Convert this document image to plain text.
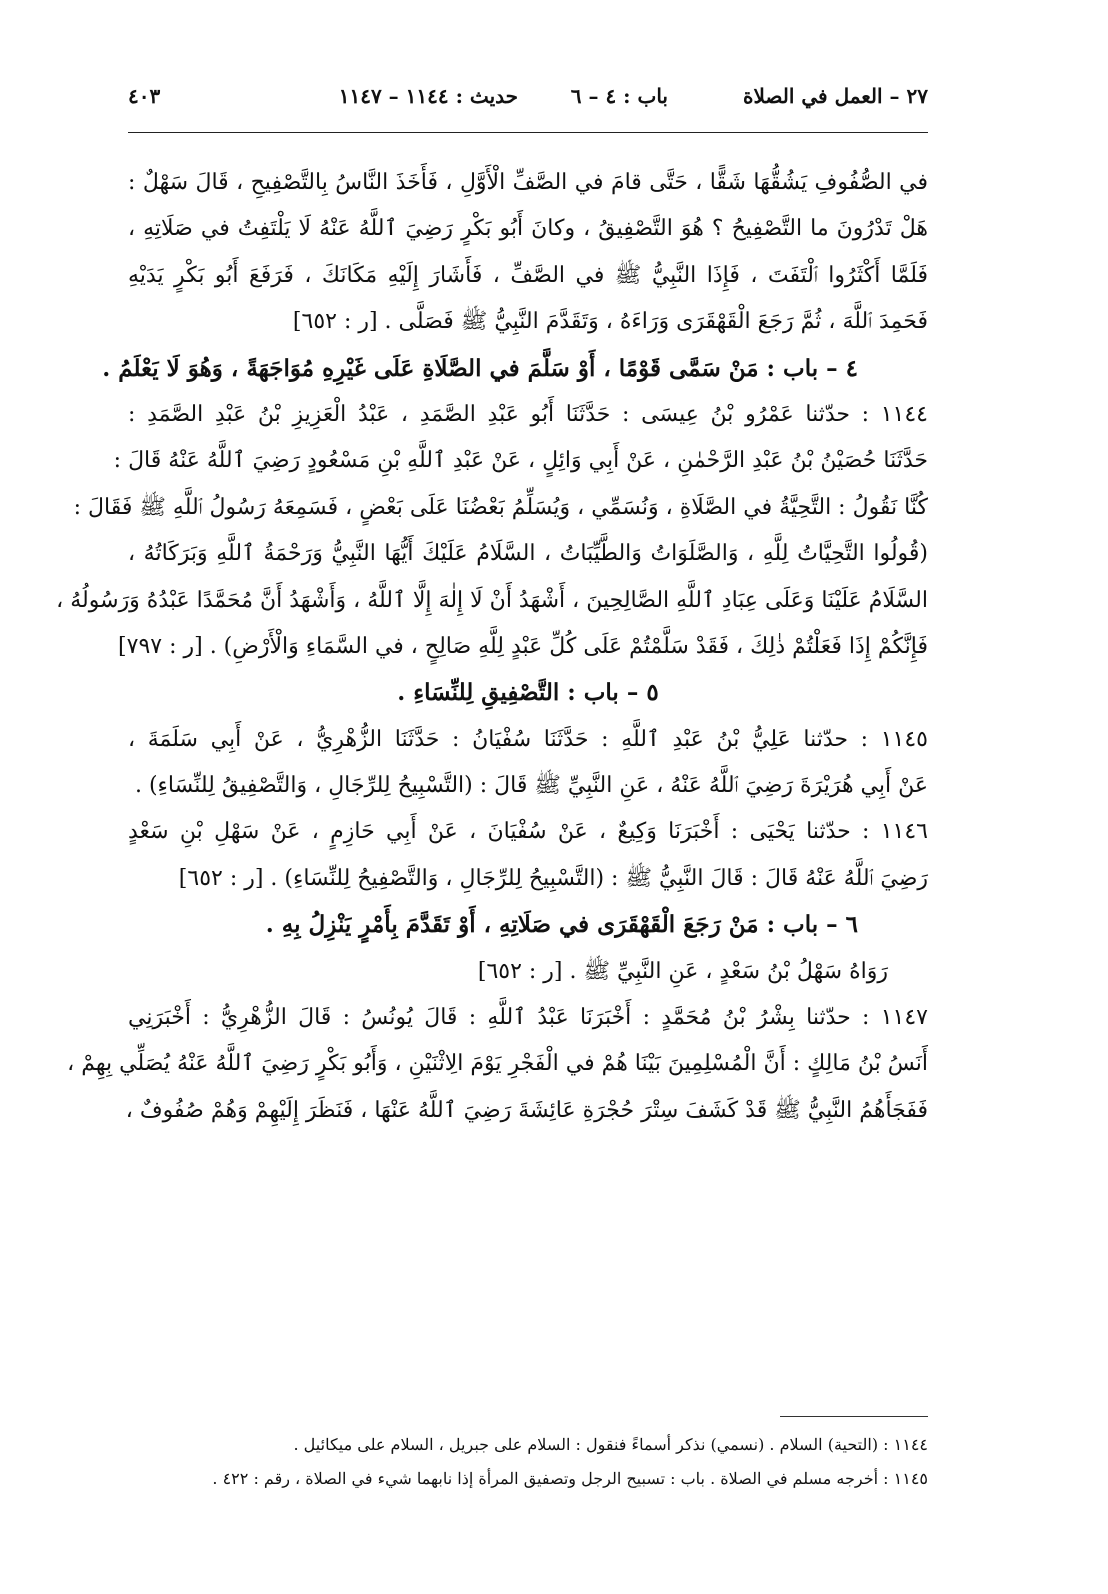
٢٧ – العمل في الصلاة
باب : ٤ – ٦
حديث : ١١٤٤ – ١١٤٧
٤٠٣
في الصُّفُوفِ يَشُقُّهَا شَقًّا ، حَتَّى قامَ في الصَّفِّ الْأَوَّلِ ، فَأَخَذَ النَّاسُ بِالتَّصْفِيحِ ، قَالَ سَهْلٌ :
هَلْ تَدْرُونَ ما التَّصْفِيحُ ؟ هُوَ التَّصْفِيقُ ، وكانَ أَبُو بَكْرٍ رَضِيَ ٱللَّهُ عَنْهُ لَا يَلْتَفِتُ في صَلَاتِهِ ،
فَلَمَّا أَكْثَرُوا ٱلْتَفَتَ ، فَإِذَا النَّبِيُّ ﷺ في الصَّفِّ ، فَأَشَارَ إِلَيْهِ مَكَانَكَ ، فَرَفَعَ أَبُو بَكْرٍ يَدَيْهِ
فَحَمِدَ ٱللَّهَ ، ثُمَّ رَجَعَ الْقَهْقَرَى وَرَاءَهُ ، وَتَقَدَّمَ النَّبِيُّ ﷺ فَصَلَّى . [ر : ٦٥٢]
٤ – باب : مَنْ سَمَّى قَوْمًا ، أَوْ سَلَّمَ في الصَّلَاةِ عَلَى غَيْرِهِ مُوَاجَهَةً ، وَهُوَ لَا يَعْلَمُ .
١١٤٤ : حدّثنا عَمْرُو بْنُ عِيسَى : حَدَّثَنَا أَبُو عَبْدِ الصَّمَدِ ، عَبْدُ الْعَزِيزِ بْنُ عَبْدِ الصَّمَدِ :
حَدَّثَنَا حُصَيْنُ بْنُ عَبْدِ الرَّحْمٰنِ ، عَنْ أَبِي وَائِلٍ ، عَنْ عَبْدِ ٱللَّهِ بْنِ مَسْعُودٍ رَضِيَ ٱللَّهُ عَنْهُ قَالَ :
كُنَّا نَقُولُ : التَّحِيَّةُ في الصَّلَاةِ ، وَنُسَمِّي ، وَيُسَلِّمُ بَعْضُنَا عَلَى بَعْضٍ ، فَسَمِعَهُ رَسُولُ ٱللَّهِ ﷺ فَقَالَ :
(قُولُوا التَّحِيَّاتُ لِلَّهِ ، وَالصَّلَوَاتُ وَالطَّيِّبَاتُ ، السَّلَامُ عَلَيْكَ أَيُّهَا النَّبِيُّ وَرَحْمَةُ ٱللَّهِ وَبَرَكَاتُهُ ،
السَّلَامُ عَلَيْنَا وَعَلَى عِبَادِ ٱللَّهِ الصَّالِحِينَ ، أَشْهَدُ أَنْ لَا إِلٰهَ إِلَّا ٱللَّهُ ، وَأَشْهَدُ أَنَّ مُحَمَّدًا عَبْدُهُ وَرَسُولُهُ ،
فَإِنَّكُمْ إِذَا فَعَلْتُمْ ذٰلِكَ ، فَقَدْ سَلَّمْتُمْ عَلَى كُلِّ عَبْدٍ لِلَّهِ صَالِحٍ ، في السَّمَاءِ وَالْأَرْضِ) . [ر : ٧٩٧]
٥ – باب : التَّصْفِيقِ لِلنِّسَاءِ .
١١٤٥ : حدّثنا عَلِيُّ بْنُ عَبْدِ ٱللَّهِ : حَدَّثَنَا سُفْيَانُ : حَدَّثَنَا الزُّهْرِيُّ ، عَنْ أَبِي سَلَمَةَ ،
عَنْ أَبِي هُرَيْرَةَ رَضِيَ ٱللَّهُ عَنْهُ ، عَنِ النَّبِيِّ ﷺ قَالَ : (التَّسْبِيحُ لِلرِّجَالِ ، وَالتَّصْفِيقُ لِلنِّسَاءِ) .
١١٤٦ : حدّثنا يَحْيَى : أَخْبَرَنَا وَكِيعٌ ، عَنْ سُفْيَانَ ، عَنْ أَبِي حَازِمٍ ، عَنْ سَهْلِ بْنِ سَعْدٍ
رَضِيَ ٱللَّهُ عَنْهُ قَالَ : قَالَ النَّبِيُّ ﷺ : (التَّسْبِيحُ لِلرِّجَالِ ، وَالتَّصْفِيحُ لِلنِّسَاءِ) . [ر : ٦٥٢]
٦ – باب : مَنْ رَجَعَ الْقَهْقَرَى في صَلَاتِهِ ، أَوْ تَقَدَّمَ بِأَمْرٍ يَنْزِلُ بِهِ .
رَوَاهُ سَهْلُ بْنُ سَعْدٍ ، عَنِ النَّبِيِّ ﷺ . [ر : ٦٥٢]
١١٤٧ : حدّثنا بِشْرُ بْنُ مُحَمَّدٍ : أَخْبَرَنَا عَبْدُ ٱللَّهِ : قَالَ يُونُسُ : قَالَ الزُّهْرِيُّ : أَخْبَرَنِي
أَنَسُ بْنُ مَالِكٍ : أَنَّ الْمُسْلِمِينَ بَيْنَا هُمْ في الْفَجْرِ يَوْمَ الِاثْنَيْنِ ، وَأَبُو بَكْرٍ رَضِيَ ٱللَّهُ عَنْهُ يُصَلِّي بِهِمْ ،
فَفَجَأَهُمُ النَّبِيُّ ﷺ قَدْ كَشَفَ سِتْرَ حُجْرَةِ عَائِشَةَ رَضِيَ ٱللَّهُ عَنْهَا ، فَنَظَرَ إِلَيْهِمْ وَهُمْ صُفُوفٌ ،
١١٤٤ : (التحية) السلام . (نسمي) نذكر أسماءً فنقول : السلام على جبريل ، السلام على ميكائيل .
١١٤٥ : أخرجه مسلم في الصلاة . باب : تسبيح الرجل وتصفيق المرأة إذا نابهما شيء في الصلاة ، رقم : ٤٢٢ .
